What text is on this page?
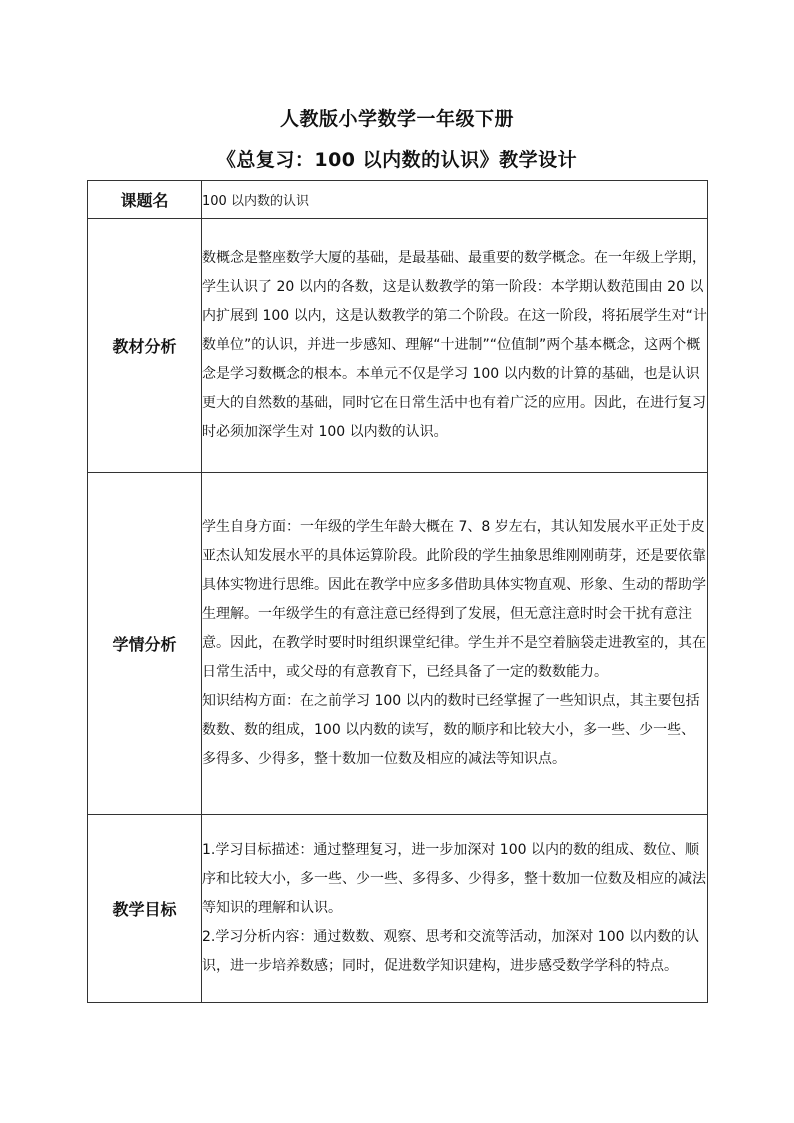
人教版小学数学一年级下册
《总复习：100 以内数的认识》教学设计
课题名	100 以内数的认识
教材分析	数概念是整座数学大厦的基础，是最基础、最重要的数学概念。在一年级上学期，学生认识了 20 以内的各数，这是认数教学的第一阶段：本学期认数范围由 20 以内扩展到 100 以内，这是认数教学的第二个阶段。在这一阶段，将拓展学生对“计数单位”的认识，并进一步感知、理解“十进制”“位值制”两个基本概念，这两个概念是学习数概念的根本。本单元不仅是学习 100 以内数的计算的基础，也是认识更大的自然数的基础，同时它在日常生活中也有着广泛的应用。因此，在进行复习时必须加深学生对 100 以内数的认识。

学情分析	学生自身方面：一年级的学生年龄大概在 7、8 岁左右，其认知发展水平正处于皮亚杰认知发展水平的具体运算阶段。此阶段的学生抽象思维刚刚萌芽，还是要依靠具体实物进行思维。因此在教学中应多多借助具体实物直观、形象、生动的帮助学生理解。一年级学生的有意注意已经得到了发展，但无意注意时时会干扰有意注意。因此，在教学时要时时组织课堂纪律。学生并不是空着脑袋走进教室的，其在日常生活中，或父母的有意教育下，已经具备了一定的数数能力。

知识结构方面：在之前学习 100 以内的数时已经掌握了一些知识点，其主要包括数数、数的组成，100 以内数的读写，数的顺序和比较大小，多一些、少一些、多得多、少得多，整十数加一位数及相应的减法等知识点。

教学目标	1.学习目标描述：通过整理复习，进一步加深对 100 以内的数的组成、数位、顺序和比较大小，多一些、少一些、多得多、少得多，整十数加一位数及相应的减法等知识的理解和认识。

2.学习分析内容：通过数数、观察、思考和交流等活动，加深对 100 以内数的认识，进一步培养数感；同时，促进数学知识建构，进步感受数学学科的特点。
